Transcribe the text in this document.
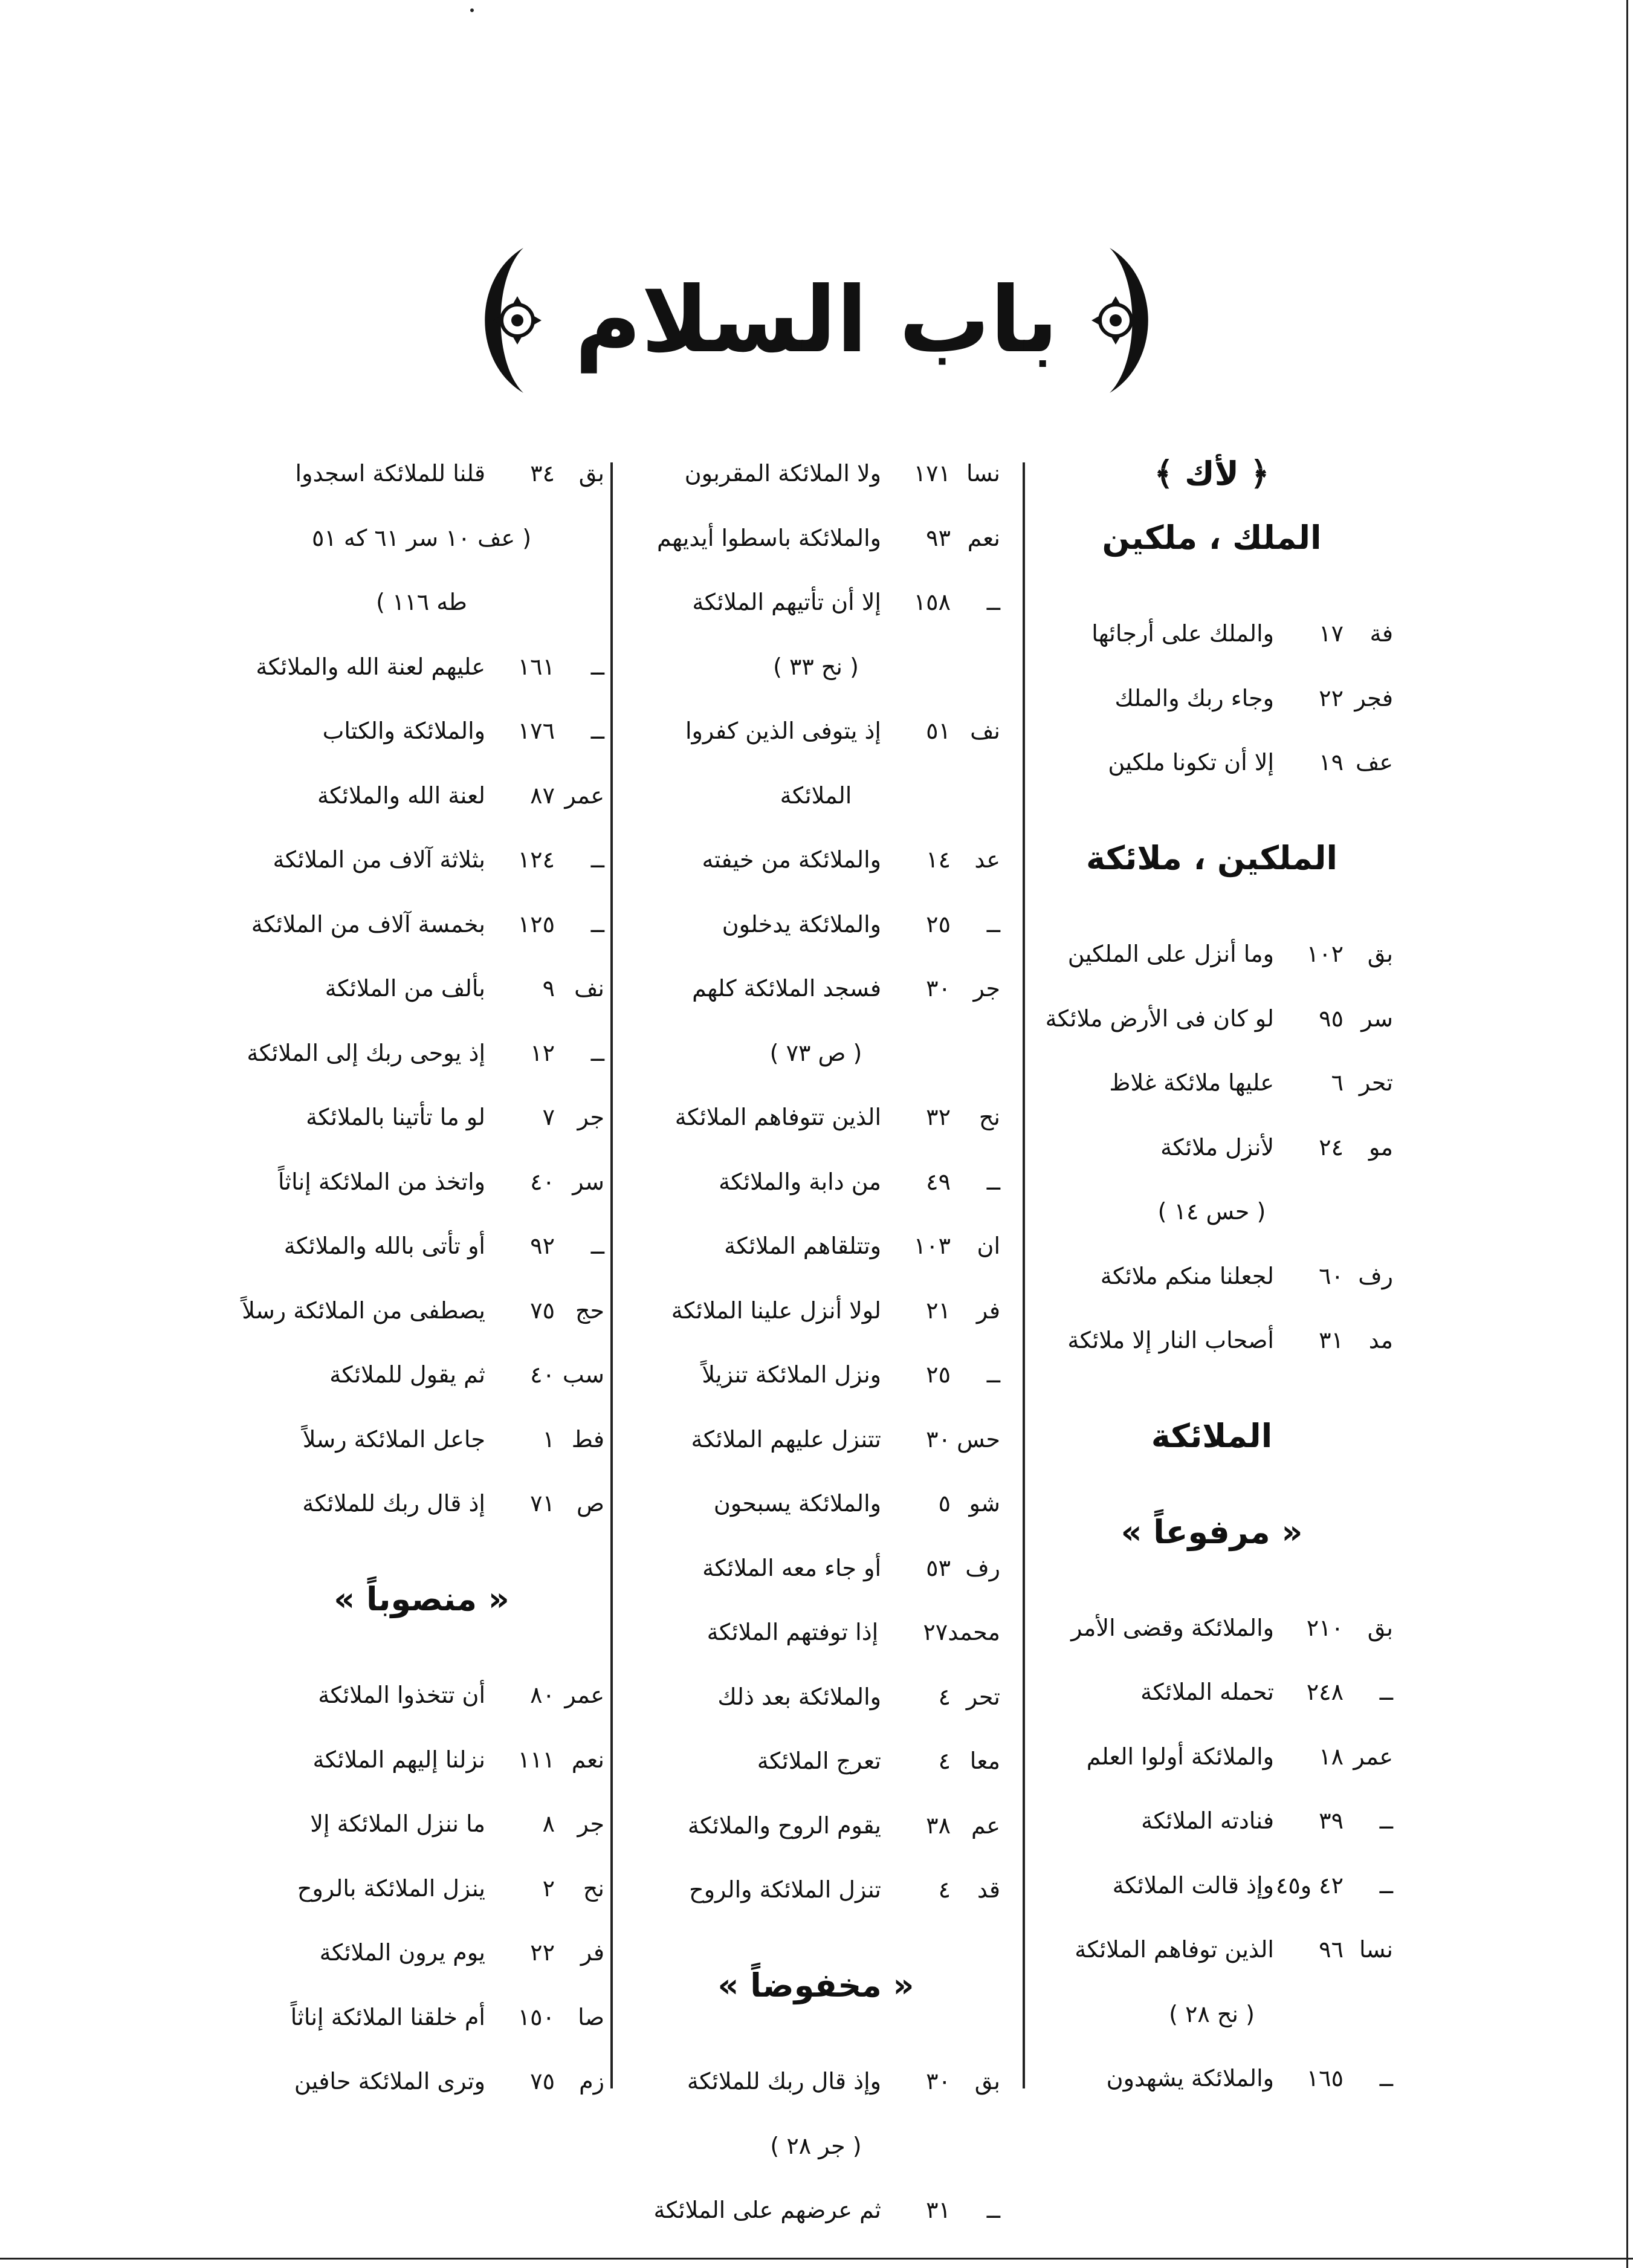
باب السلام
﴿ لأك ﴾
الملك ، ملكين
فة
١٧
والملك على أرجائها
فجر
٢٢
وجاء ربك والملك
عف
١٩
إلا أن تكونا ملكين
الملكين ، ملائكة
بق
١٠٢
وما أنزل على الملكين
سر
٩٥
لو كان فى الأرض ملائكة
تحر
٦
عليها ملائكة غلاظ
مو
٢٤
لأنزل ملائكة
( حس ١٤ )
رف
٦٠
لجعلنا منكم ملائكة
مد
٣١
أصحاب النار إلا ملائكة
الملائكة
« مرفوعاً »
بق
٢١٠
والملائكة وقضى الأمر
ــ
٢٤٨
تحمله الملائكة
عمر
١٨
والملائكة أولوا العلم
ــ
٣٩
فنادته الملائكة
ــ
٤٢ و٤٥
وإذ قالت الملائكة
نسا
٩٦
الذين توفاهم الملائكة
( نح ٢٨ )
ــ
١٦٥
والملائكة يشهدون
نسا
١٧١
ولا الملائكة المقربون
نعم
٩٣
والملائكة باسطوا أيديهم
ــ
١٥٨
إلا أن تأتيهم الملائكة
( نح ٣٣ )
نف
٥١
إذ يتوفى الذين كفروا
الملائكة
عد
١٤
والملائكة من خيفته
ــ
٢٥
والملائكة يدخلون
جر
٣٠
فسجد الملائكة كلهم
( ص ٧٣ )
نح
٣٢
الذين تتوفاهم الملائكة
ــ
٤٩
من دابة والملائكة
ان
١٠٣
وتتلقاهم الملائكة
فر
٢١
لولا أنزل علينا الملائكة
ــ
٢٥
ونزل الملائكة تنزيلاً
حس
٣٠
تتنزل عليهم الملائكة
شو
٥
والملائكة يسبحون
رف
٥٣
أو جاء معه الملائكة
محمد
٢٧
إذا توفتهم الملائكة
تحر
٤
والملائكة بعد ذلك
معا
٤
تعرج الملائكة
عم
٣٨
يقوم الروح والملائكة
قد
٤
تنزل الملائكة والروح
« مخفوضاً »
بق
٣٠
وإذ قال ربك للملائكة
( جر ٢٨ )
ــ
٣١
ثم عرضهم على الملائكة
بق
٣٤
قلنا للملائكة اسجدوا
( عف ١٠ سر ٦١ كه ٥١
طه ١١٦ )
ــ
١٦١
عليهم لعنة الله والملائكة
ــ
١٧٦
والملائكة والكتاب
عمر
٨٧
لعنة الله والملائكة
ــ
١٢٤
بثلاثة آلاف من الملائكة
ــ
١٢٥
بخمسة آلاف من الملائكة
نف
٩
بألف من الملائكة
ــ
١٢
إذ يوحى ربك إلى الملائكة
جر
٧
لو ما تأتينا بالملائكة
سر
٤٠
واتخذ من الملائكة إناثاً
ــ
٩٢
أو تأتى بالله والملائكة
حج
٧٥
يصطفى من الملائكة رسلاً
سب
٤٠
ثم يقول للملائكة
فط
١
جاعل الملائكة رسلاً
ص
٧١
إذ قال ربك للملائكة
« منصوباً »
عمر
٨٠
أن تتخذوا الملائكة
نعم
١١١
نزلنا إليهم الملائكة
جر
٨
ما ننزل الملائكة إلا
نح
٢
ينزل الملائكة بالروح
فر
٢٢
يوم يرون الملائكة
صا
١٥٠
أم خلقنا الملائكة إناثاً
زم
٧٥
وترى الملائكة حافين
